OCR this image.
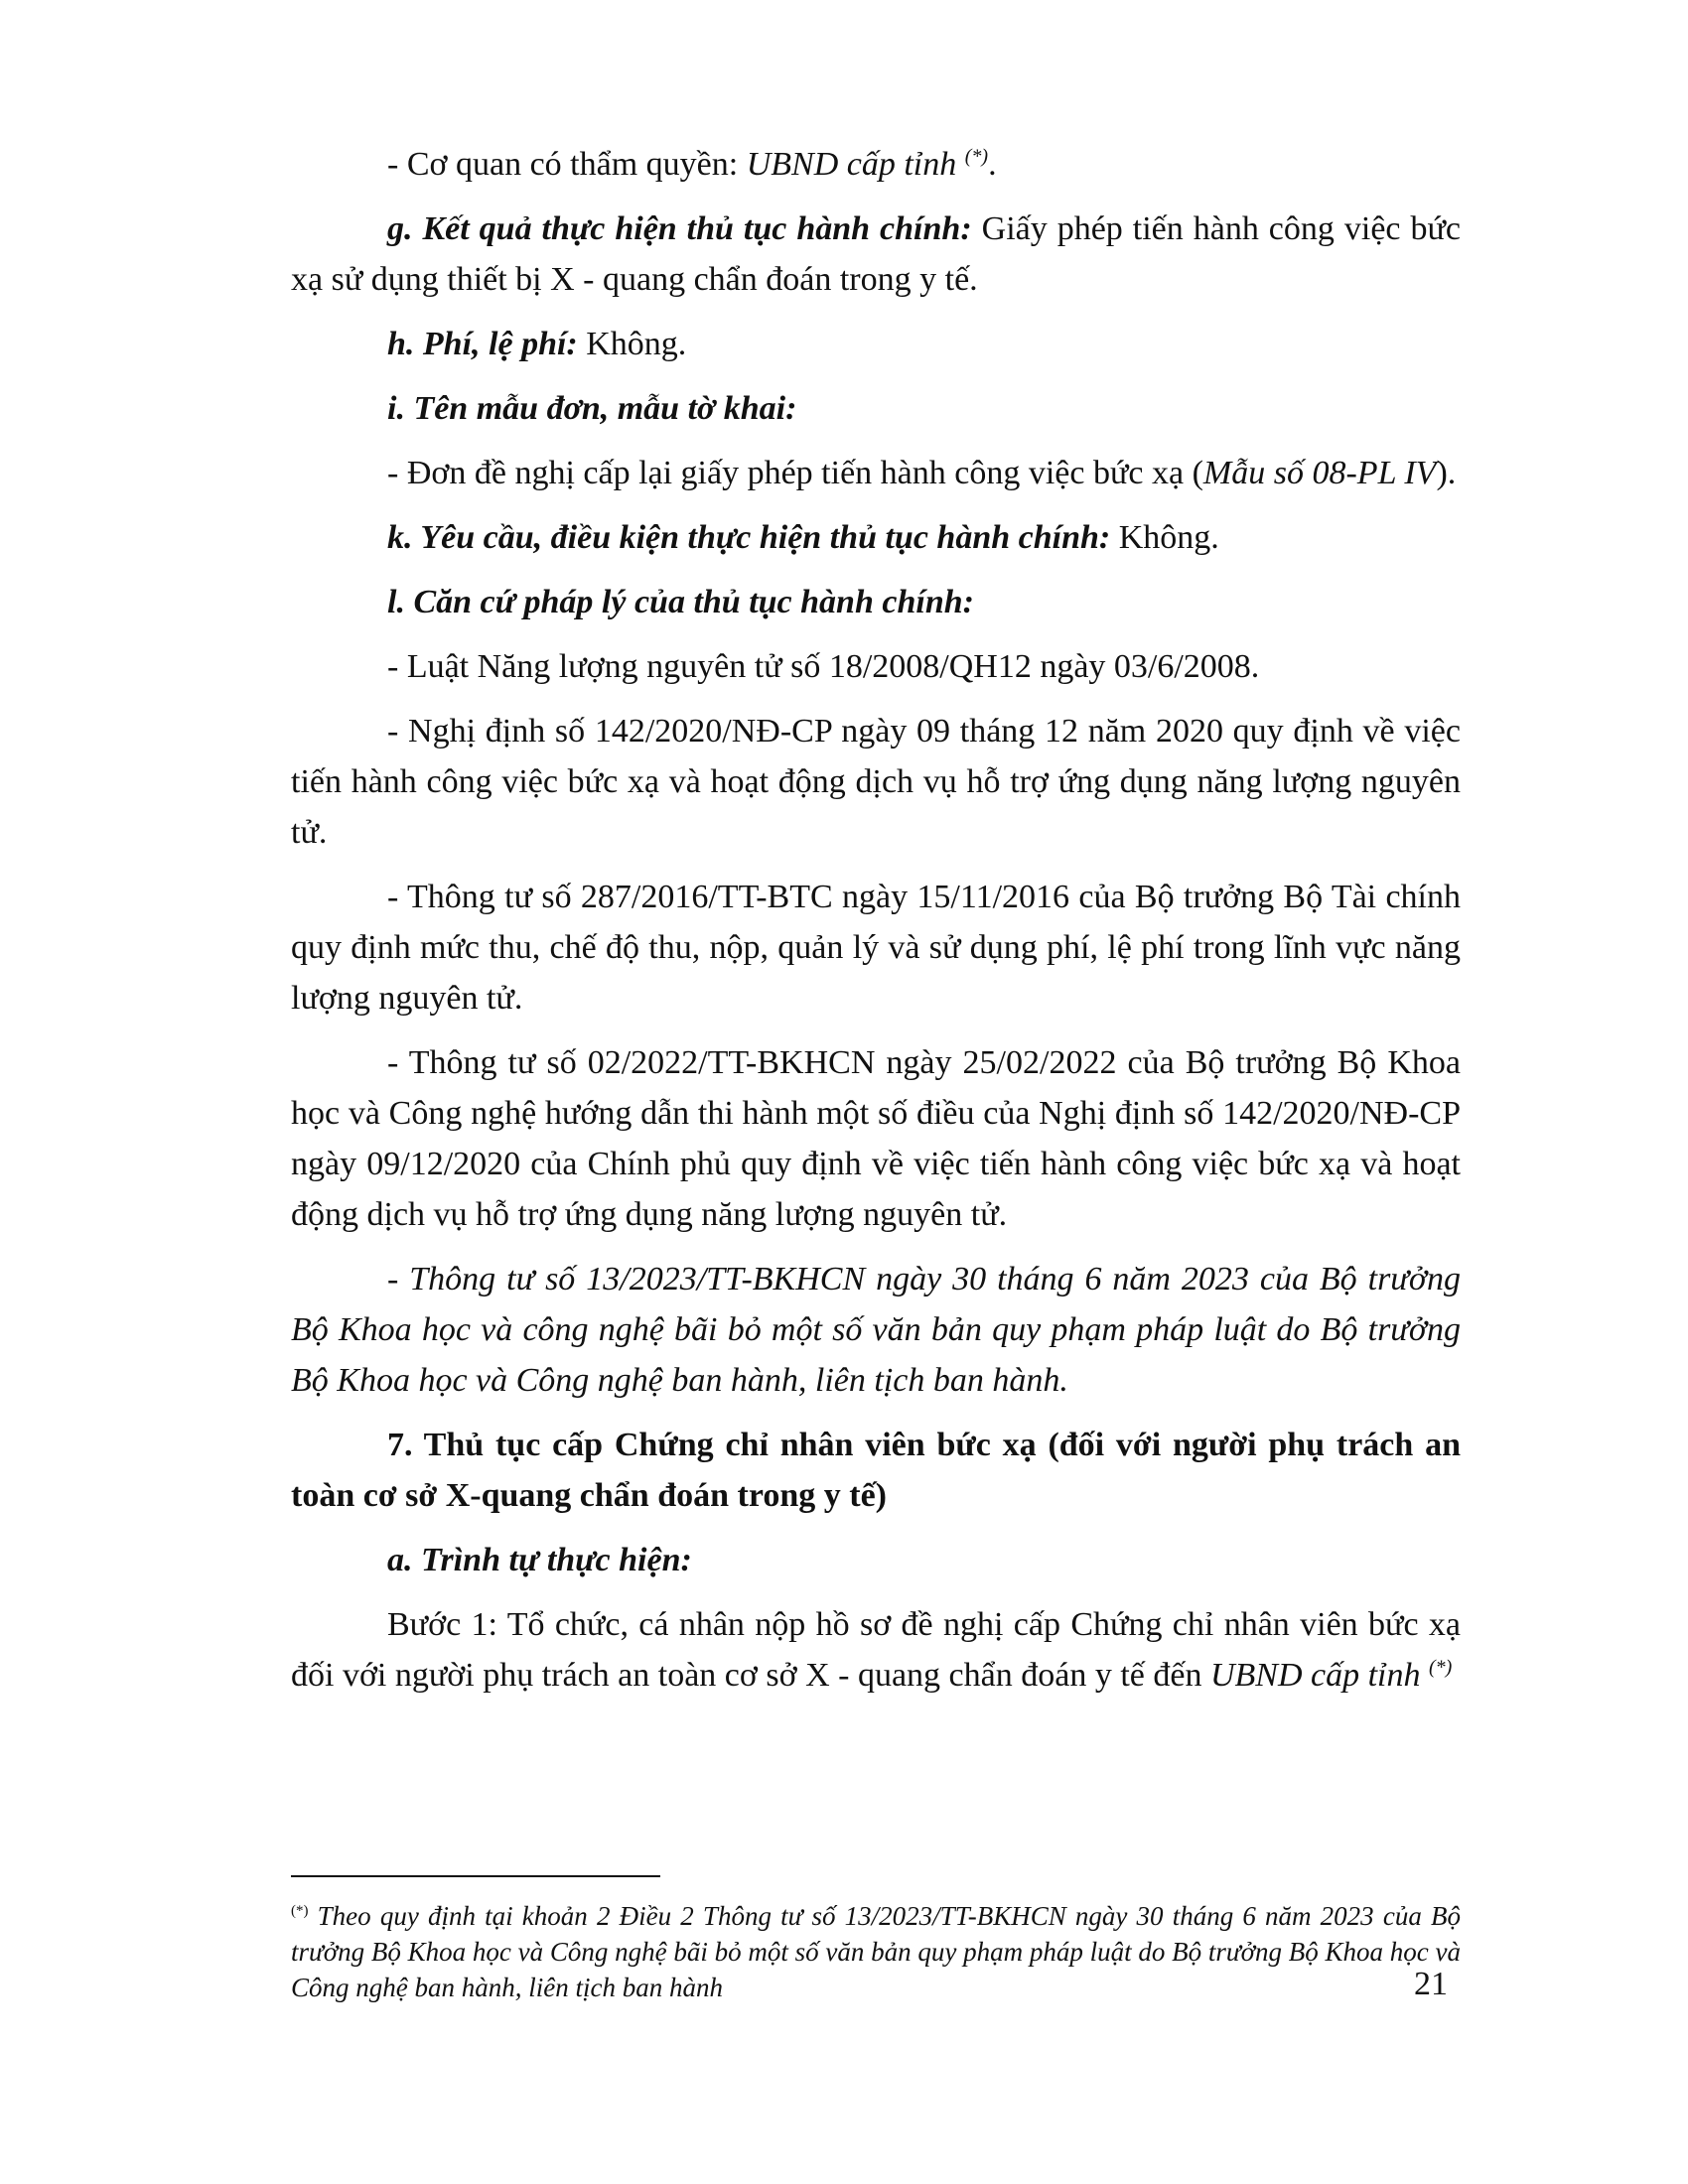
- Cơ quan có thẩm quyền: UBND cấp tỉnh (*).

g. Kết quả thực hiện thủ tục hành chính: Giấy phép tiến hành công việc bức xạ sử dụng thiết bị X - quang chẩn đoán trong y tế.

h. Phí, lệ phí: Không.

i. Tên mẫu đơn, mẫu tờ khai:

- Đơn đề nghị cấp lại giấy phép tiến hành công việc bức xạ (Mẫu số 08-PL IV).

k. Yêu cầu, điều kiện thực hiện thủ tục hành chính: Không.

l. Căn cứ pháp lý của thủ tục hành chính:

- Luật Năng lượng nguyên tử số 18/2008/QH12 ngày 03/6/2008.

- Nghị định số 142/2020/NĐ-CP ngày 09 tháng 12 năm 2020 quy định về việc tiến hành công việc bức xạ và hoạt động dịch vụ hỗ trợ ứng dụng năng lượng nguyên tử.

- Thông tư số 287/2016/TT-BTC ngày 15/11/2016 của Bộ trưởng Bộ Tài chính quy định mức thu, chế độ thu, nộp, quản lý và sử dụng phí, lệ phí trong lĩnh vực năng lượng nguyên tử.

- Thông tư số 02/2022/TT-BKHCN ngày 25/02/2022 của Bộ trưởng Bộ Khoa học và Công nghệ hướng dẫn thi hành một số điều của Nghị định số 142/2020/NĐ-CP ngày 09/12/2020 của Chính phủ quy định về việc tiến hành công việc bức xạ và hoạt động dịch vụ hỗ trợ ứng dụng năng lượng nguyên tử.

- Thông tư số 13/2023/TT-BKHCN ngày 30 tháng 6 năm 2023 của Bộ trưởng Bộ Khoa học và công nghệ bãi bỏ một số văn bản quy phạm pháp luật do Bộ trưởng Bộ Khoa học và Công nghệ ban hành, liên tịch ban hành.

7. Thủ tục cấp Chứng chỉ nhân viên bức xạ (đối với người phụ trách an toàn cơ sở X-quang chẩn đoán trong y tế)

a. Trình tự thực hiện:

Bước 1: Tổ chức, cá nhân nộp hồ sơ đề nghị cấp Chứng chỉ nhân viên bức xạ đối với người phụ trách an toàn cơ sở X - quang chẩn đoán y tế đến UBND cấp tỉnh (*)

(*) Theo quy định tại khoản 2 Điều 2 Thông tư số 13/2023/TT-BKHCN ngày 30 tháng 6 năm 2023 của Bộ trưởng Bộ Khoa học và Công nghệ bãi bỏ một số văn bản quy phạm pháp luật do Bộ trưởng Bộ Khoa học và Công nghệ ban hành, liên tịch ban hành	21
